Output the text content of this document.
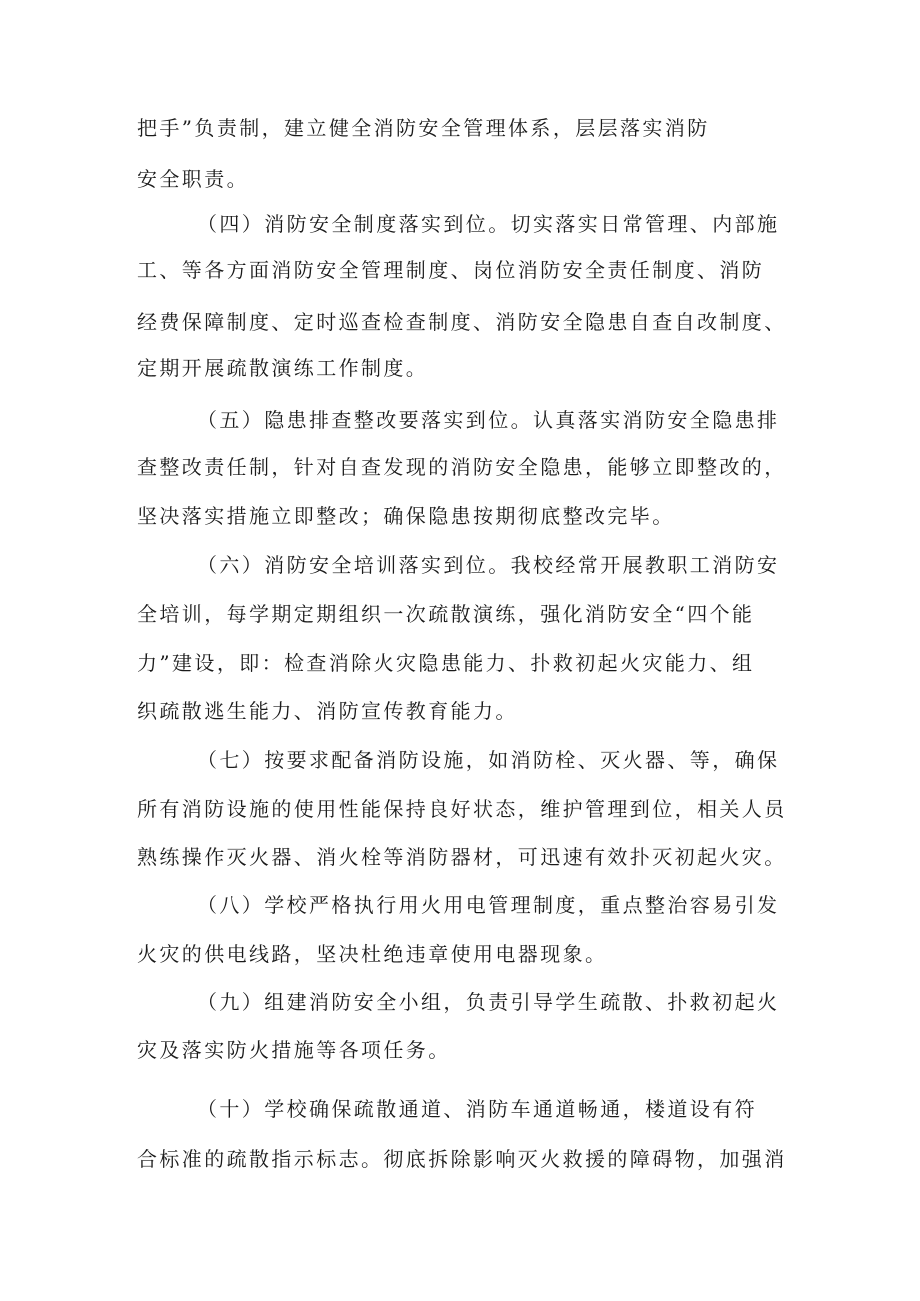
把手”负责制，建立健全消防安全管理体系，层层落实消防
安全职责。
（四）消防安全制度落实到位。切实落实日常管理、内部施
工、等各方面消防安全管理制度、岗位消防安全责任制度、消防
经费保障制度、定时巡查检查制度、消防安全隐患自查自改制度、
定期开展疏散演练工作制度。
（五）隐患排查整改要落实到位。认真落实消防安全隐患排
查整改责任制，针对自查发现的消防安全隐患，能够立即整改的，
坚决落实措施立即整改；确保隐患按期彻底整改完毕。
（六）消防安全培训落实到位。我校经常开展教职工消防安
全培训，每学期定期组织一次疏散演练，强化消防安全“四个能
力”建设，即：检查消除火灾隐患能力、扑救初起火灾能力、组
织疏散逃生能力、消防宣传教育能力。
（七）按要求配备消防设施，如消防栓、灭火器、等，确保
所有消防设施的使用性能保持良好状态，维护管理到位，相关人员
熟练操作灭火器、消火栓等消防器材，可迅速有效扑灭初起火灾。
（八）学校严格执行用火用电管理制度，重点整治容易引发
火灾的供电线路，坚决杜绝违章使用电器现象。
（九）组建消防安全小组，负责引导学生疏散、扑救初起火
灾及落实防火措施等各项任务。
（十）学校确保疏散通道、消防车通道畅通，楼道设有符
合标准的疏散指示标志。彻底拆除影响灭火救援的障碍物，加强消
